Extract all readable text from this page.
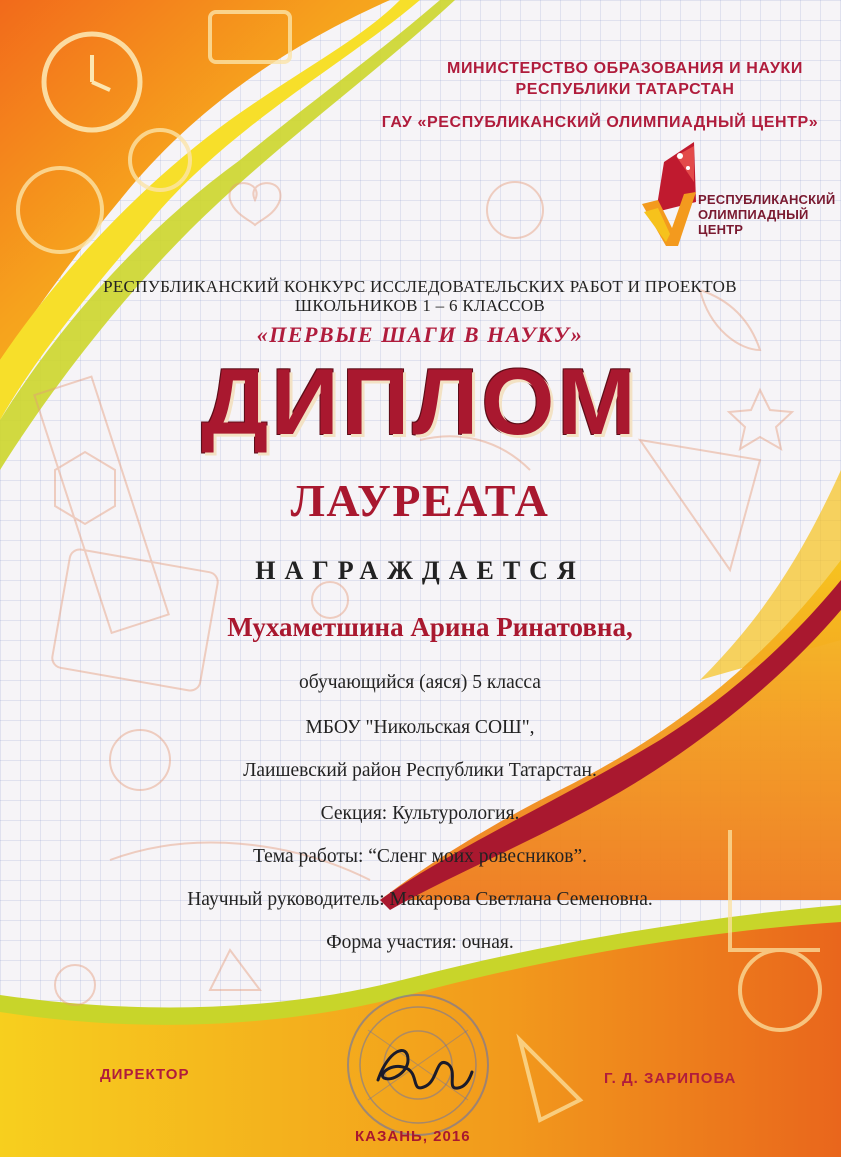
МИНИСТЕРСТВО ОБРАЗОВАНИЯ И НАУКИ
РЕСПУБЛИКИ ТАТАРСТАН
ГАУ «РЕСПУБЛИКАНСКИЙ ОЛИМПИАДНЫЙ ЦЕНТР»
РЕСПУБЛИКАНСКИЙ
ОЛИМПИАДНЫЙ
ЦЕНТР
РЕСПУБЛИКАНСКИЙ КОНКУРС ИССЛЕДОВАТЕЛЬСКИХ РАБОТ И ПРОЕКТОВ
ШКОЛЬНИКОВ 1 – 6 КЛАССОВ
«ПЕРВЫЕ ШАГИ В НАУКУ»
ДИПЛОМ
ЛАУРЕАТА
НАГРАЖДАЕТСЯ
Мухаметшина Арина Ринатовна,
обучающийся (аяся) 5 класса
МБОУ "Никольская СОШ",
Лаишевский район Республики Татарстан.
Секция: Культурология.
Тема работы: “Сленг моих ровесников”.
Научный руководитель: Макарова Светлана Семеновна.
Форма участия: очная.
ДИРЕКТОР	Г. Д. ЗАРИПОВА
КАЗАНЬ, 2016
